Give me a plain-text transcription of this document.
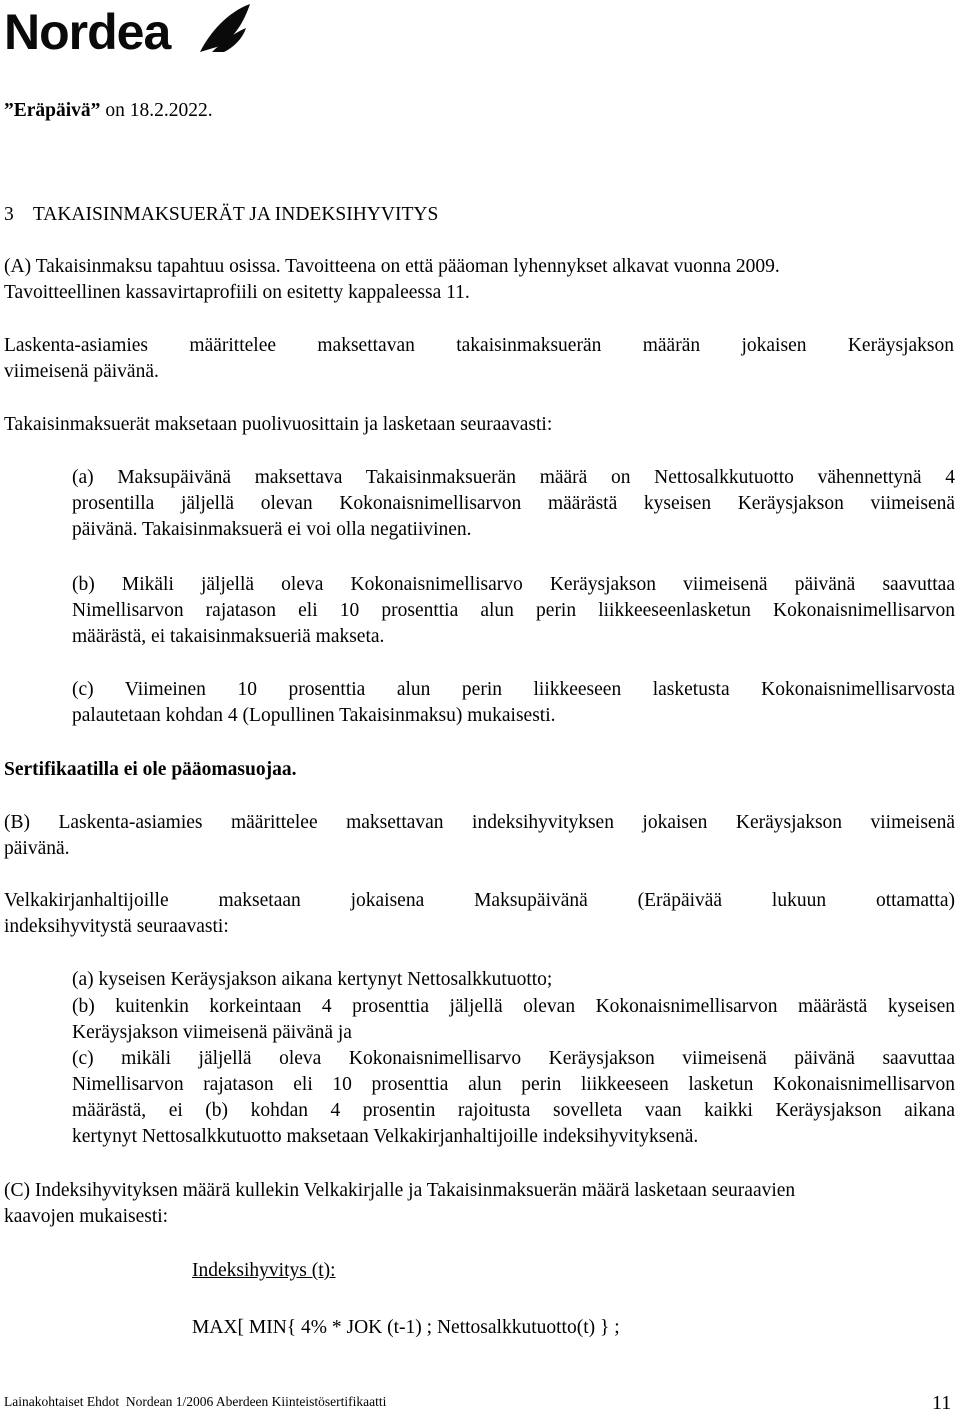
Nordea
”Eräpäivä” on 18.2.2022.
3    TAKAISINMAKSUERÄT JA INDEKSIHYVITYS
(A) Takaisinmaksu tapahtuu osissa. Tavoitteena on että pääoman lyhennykset alkavat vuonna 2009.
Tavoitteellinen kassavirtaprofiili on esitetty kappaleessa 11.
Laskenta-asiamies määrittelee maksettavan takaisinmaksuerän määrän jokaisen Keräysjakson
viimeisenä päivänä.
Takaisinmaksuerät maksetaan puolivuosittain ja lasketaan seuraavasti:
(a) Maksupäivänä maksettava Takaisinmaksuerän määrä on Nettosalkkutuotto vähennettynä 4
prosentilla jäljellä olevan Kokonaisnimellisarvon määrästä kyseisen Keräysjakson viimeisenä
päivänä. Takaisinmaksuerä ei voi olla negatiivinen.
(b) Mikäli jäljellä oleva Kokonaisnimellisarvo Keräysjakson viimeisenä päivänä saavuttaa
Nimellisarvon rajatason eli 10 prosenttia alun perin liikkeeseenlasketun Kokonaisnimellisarvon
määrästä, ei takaisinmaksueriä makseta.
(c) Viimeinen 10 prosenttia alun perin liikkeeseen lasketusta Kokonaisnimellisarvosta
palautetaan kohdan 4 (Lopullinen Takaisinmaksu) mukaisesti.
Sertifikaatilla ei ole pääomasuojaa.
(B) Laskenta-asiamies määrittelee maksettavan indeksihyvityksen jokaisen Keräysjakson viimeisenä
päivänä.
Velkakirjanhaltijoille maksetaan jokaisena Maksupäivänä (Eräpäivää lukuun ottamatta)
indeksihyvitystä seuraavasti:
(a) kyseisen Keräysjakson aikana kertynyt Nettosalkkutuotto;
(b) kuitenkin korkeintaan 4 prosenttia jäljellä olevan Kokonaisnimellisarvon määrästä kyseisen
Keräysjakson viimeisenä päivänä ja
(c) mikäli jäljellä oleva Kokonaisnimellisarvo Keräysjakson viimeisenä päivänä saavuttaa
Nimellisarvon rajatason eli 10 prosenttia alun perin liikkeeseen lasketun Kokonaisnimellisarvon
määrästä, ei (b) kohdan 4 prosentin rajoitusta sovelleta vaan kaikki Keräysjakson aikana
kertynyt Nettosalkkutuotto maksetaan Velkakirjanhaltijoille indeksihyvityksenä.
(C) Indeksihyvityksen määrä kullekin Velkakirjalle ja Takaisinmaksuerän määrä lasketaan seuraavien
kaavojen mukaisesti:
Indeksihyvitys (t):
MAX[ MIN{ 4% * JOK (t-1) ; Nettosalkkutuotto(t) } ;
Lainakohtaiset Ehdot  Nordean 1/2006 Aberdeen Kiinteistösertifikaatti	11
